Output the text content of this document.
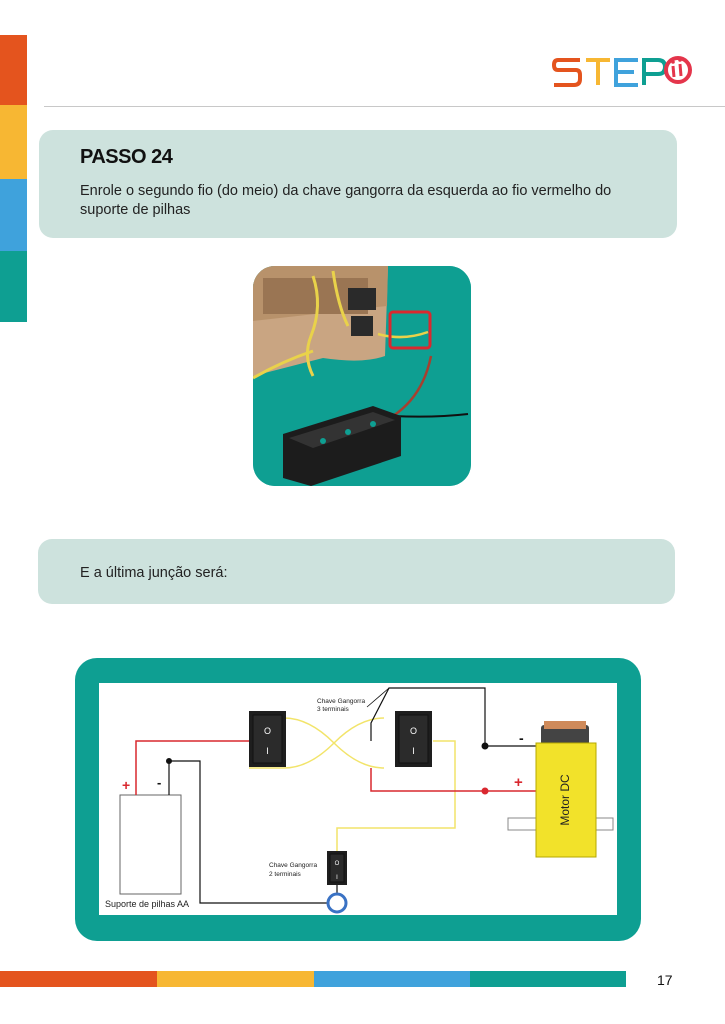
PASSO 24
Enrole o segundo fio (do meio) da chave gangorra da esquerda ao fio vermelho do suporte de pilhas
E a última junção será:
O
I
O
I
O
I
Motor DC
Chave Gangorra
3 terminais
Chave Gangorra
2 terminais
Suporte de pilhas AA
+ -
-
+
17
